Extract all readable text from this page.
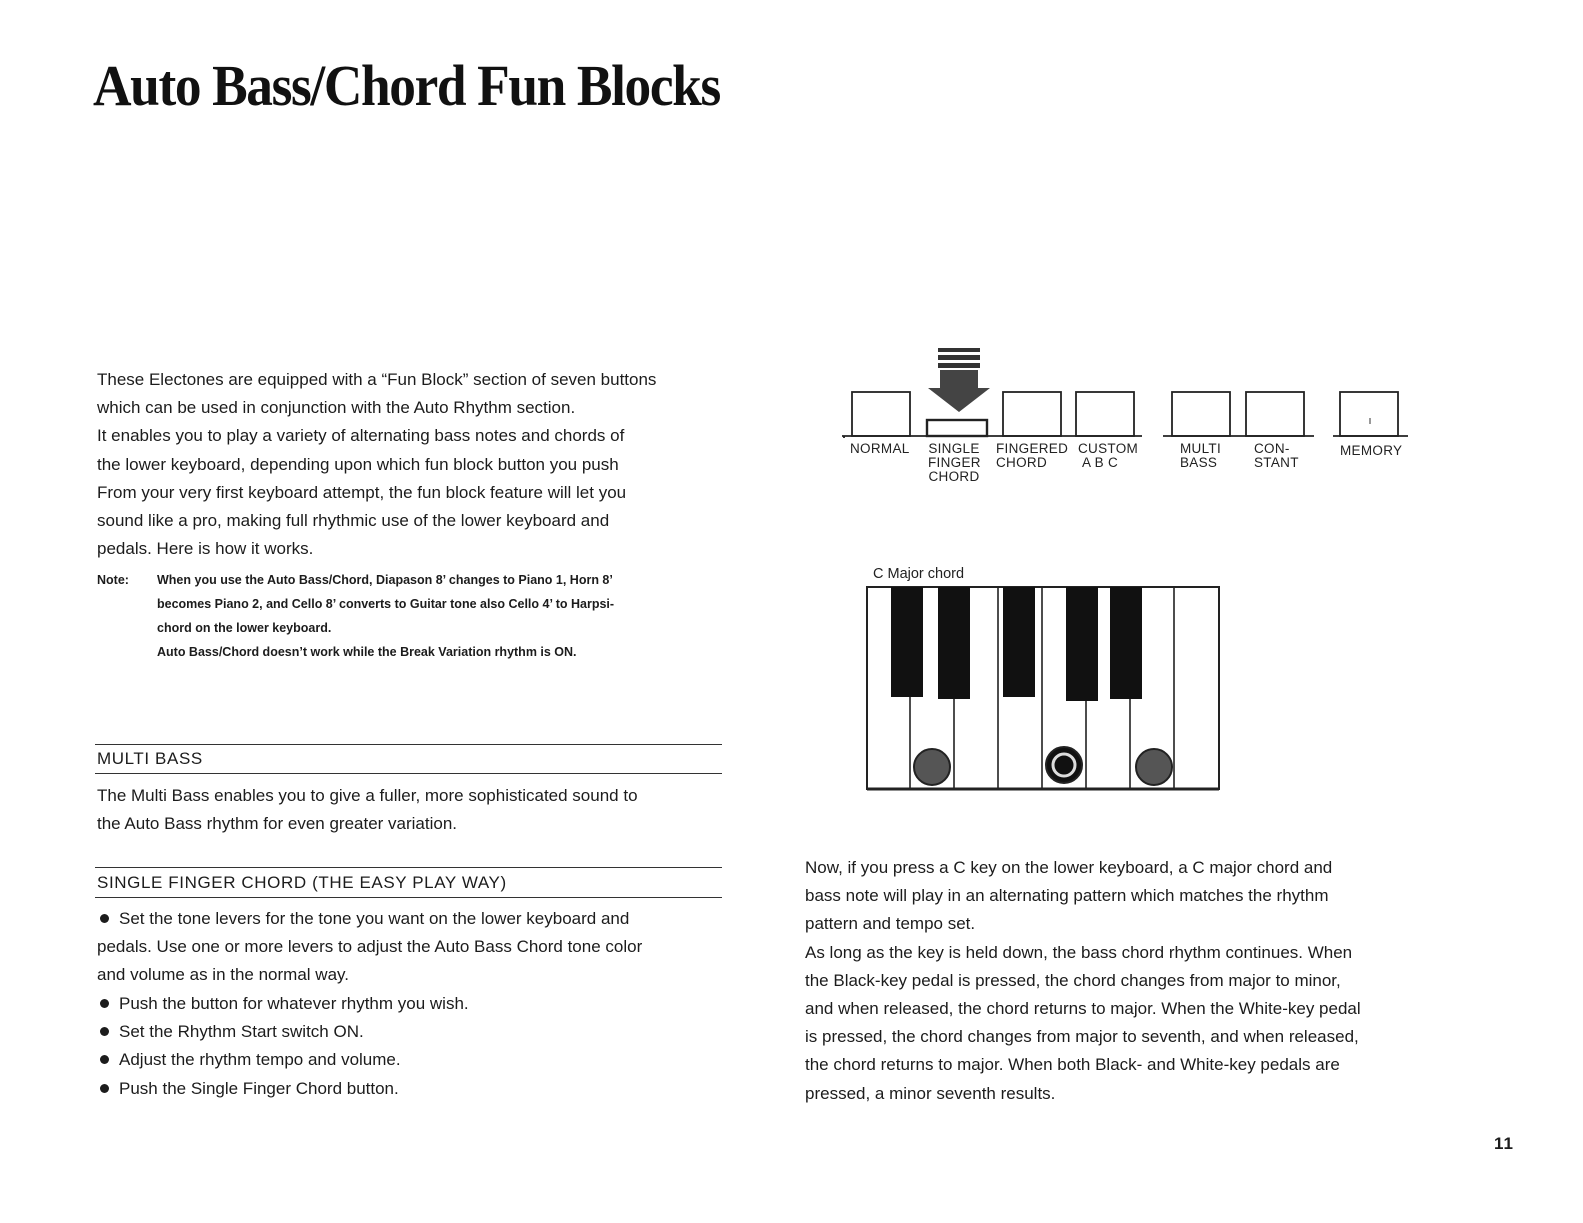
Auto Bass/Chord Fun Blocks
These Electones are equipped with a “Fun Block” section of seven buttons
which can be used in conjunction with the Auto Rhythm section.
It enables you to play a variety of alternating bass notes and chords of
the lower keyboard, depending upon which fun block button you push
From your very first keyboard attempt, the fun block feature will let you
sound like a pro, making full rhythmic use of the lower keyboard and
pedals. Here is how it works.
Note: When you use the Auto Bass/Chord, Diapason 8’ changes to Piano 1, Horn 8’
becomes Piano 2, and Cello 8’ converts to Guitar tone also Cello 4’ to Harpsi-
chord on the lower keyboard.
Auto Bass/Chord doesn’t work while the Break Variation rhythm is ON.
MULTI BASS
The Multi Bass enables you to give a fuller, more sophisticated sound to
the Auto Bass rhythm for even greater variation.
SINGLE FINGER CHORD (THE EASY PLAY WAY)
Set the tone levers for the tone you want on the lower keyboard and
pedals. Use one or more levers to adjust the Auto Bass Chord tone color
and volume as in the normal way.
Push the button for whatever rhythm you wish.
Set the Rhythm Start switch ON.
Adjust the rhythm tempo and volume.
Push the Single Finger Chord button.
NORMAL SINGLE
FINGER
CHORD
FINGERED
CHORD
CUSTOM
A B C
MULTI
BASS
CON-
STANT
MEMORY
C Major chord
Now, if you press a C key on the lower keyboard, a C major chord and
bass note will play in an alternating pattern which matches the rhythm
pattern and tempo set.
As long as the key is held down, the bass chord rhythm continues. When
the Black-key pedal is pressed, the chord changes from major to minor,
and when released, the chord returns to major. When the White-key pedal
is pressed, the chord changes from major to seventh, and when released,
the chord returns to major. When both Black- and White-key pedals are
pressed, a minor seventh results.
11
